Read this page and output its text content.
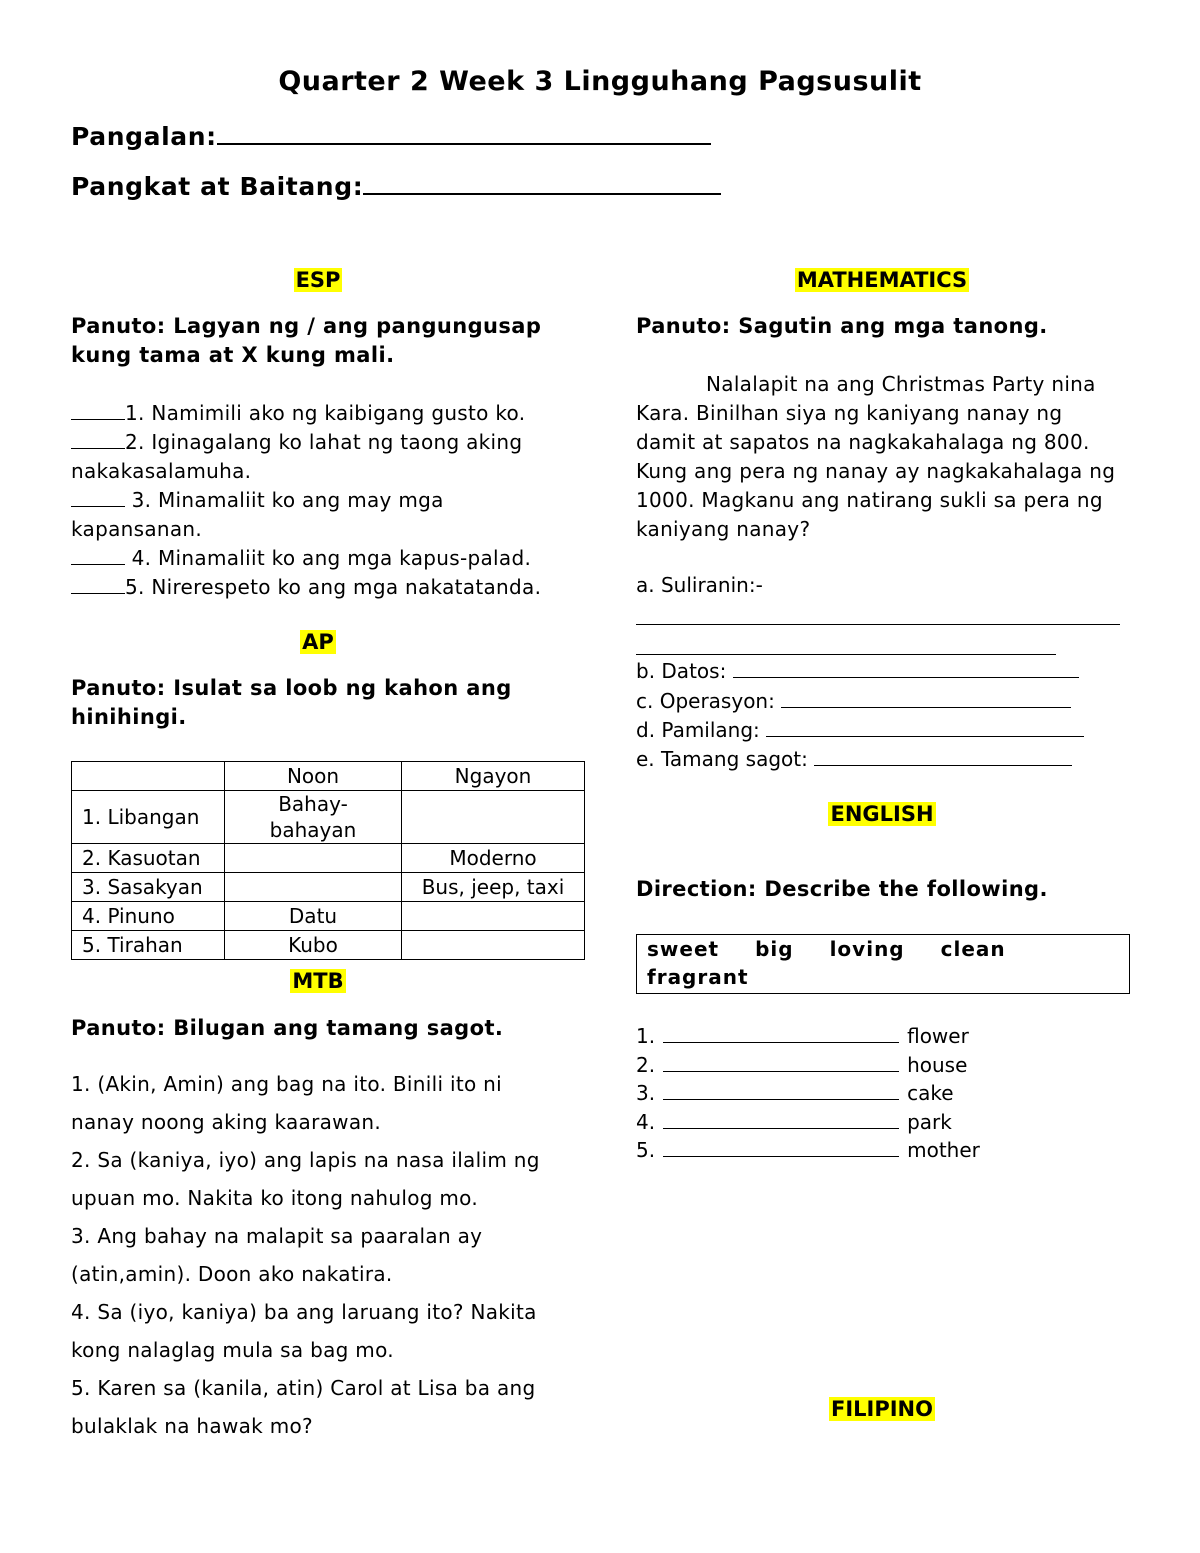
Quarter 2 Week 3 Lingguhang Pagsusulit
Pangalan:
Pangkat at Baitang:
ESP
Panuto: Lagyan ng / ang pangungusap kung tama at X kung mali.
1. Namimili ako ng kaibigang gusto ko.
2. Iginagalang ko lahat ng taong aking nakakasalamuha.
3. Minamaliit ko ang may mga kapansanan.
4. Minamaliit ko ang mga kapus-palad.
5. Nirerespeto ko ang mga nakatatanda.
AP
Panuto: Isulat sa loob ng kahon ang hinihingi.
	Noon	Ngayon
1. Libangan	Bahay-bahayan	
2. Kasuotan		Moderno
3. Sasakyan		Bus, jeep, taxi
4. Pinuno	Datu	
5. Tirahan	Kubo	
MTB
Panuto: Bilugan ang tamang sagot.
1. (Akin, Amin) ang bag na ito. Binili ito ni nanay noong aking kaarawan.
2. Sa (kaniya, iyo) ang lapis na nasa ilalim ng upuan mo. Nakita ko itong nahulog mo.
3. Ang bahay na malapit sa paaralan ay (atin,amin). Doon ako nakatira.
4. Sa (iyo, kaniya) ba ang laruang ito? Nakita kong nalaglag mula sa bag mo.
5. Karen sa (kanila, atin) Carol at Lisa ba ang bulaklak na hawak mo?
MATHEMATICS
Panuto: Sagutin ang mga tanong.
Nalalapit na ang Christmas Party nina Kara. Binilhan siya ng kaniyang nanay ng damit at sapatos na nagkakahalaga ng 800. Kung ang pera ng nanay ay nagkakahalaga ng 1000. Magkanu ang natirang sukli sa pera ng kaniyang nanay?
a. Suliranin:-
b. Datos:
c. Operasyon:
d. Pamilang:
e. Tamang sagot:
ENGLISH
Direction: Describe the following.
sweet big loving clean
fragrant
1.	flower
2.	house
3.	cake
4.	park
5.	mother
FILIPINO
